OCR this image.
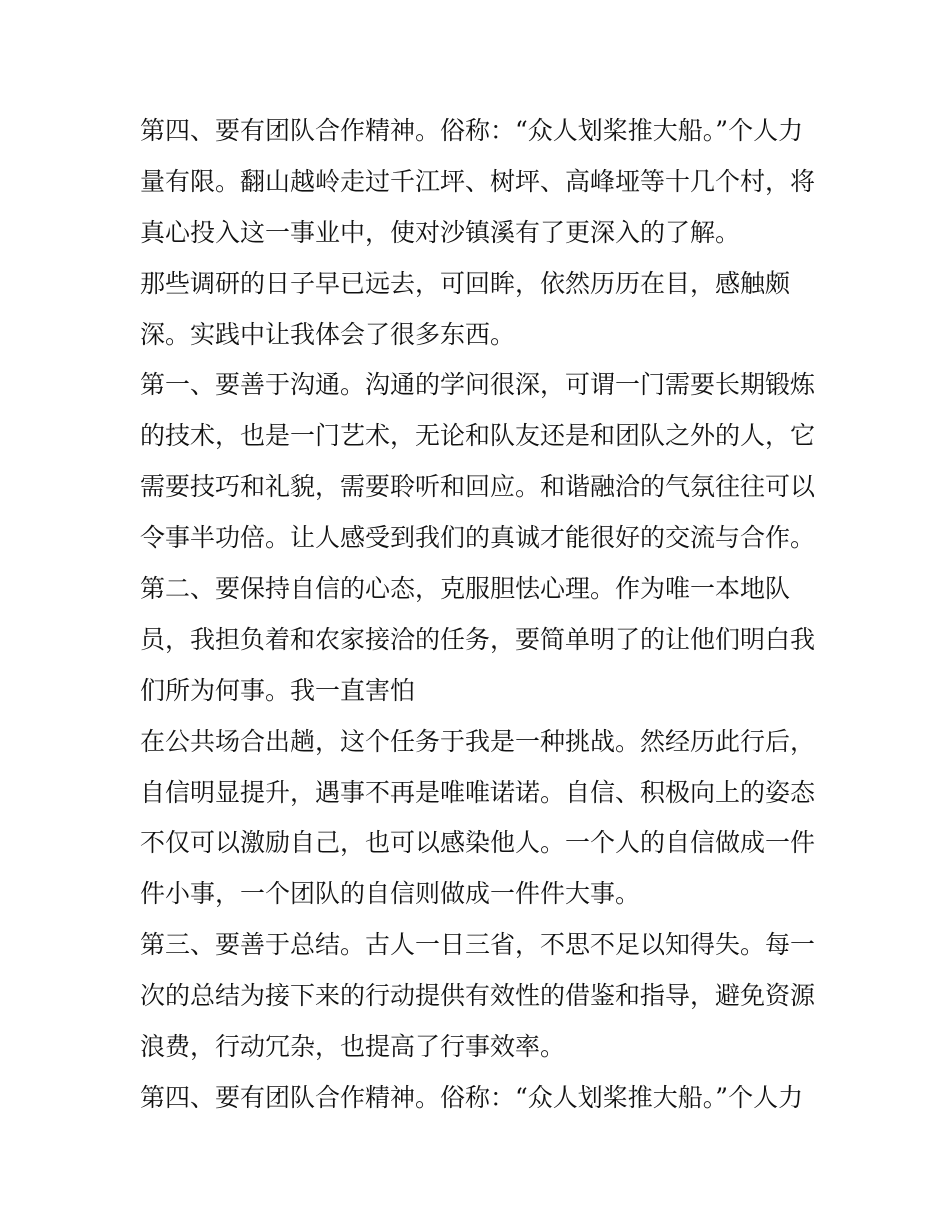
第四、要有团队合作精神。俗称：“众人划桨推大船。”个人力
量有限。翻山越岭走过千江坪、树坪、高峰垭等十几个村，将
真心投入这一事业中，使对沙镇溪有了更深入的了解。
那些调研的日子早已远去，可回眸，依然历历在目，感触颇
深。实践中让我体会了很多东西。
第一、要善于沟通。沟通的学问很深，可谓一门需要长期锻炼
的技术，也是一门艺术，无论和队友还是和团队之外的人，它
需要技巧和礼貌，需要聆听和回应。和谐融洽的气氛往往可以
令事半功倍。让人感受到我们的真诚才能很好的交流与合作。
第二、要保持自信的心态，克服胆怯心理。作为唯一本地队
员，我担负着和农家接洽的任务，要简单明了的让他们明白我
们所为何事。我一直害怕
在公共场合出趟，这个任务于我是一种挑战。然经历此行后，
自信明显提升，遇事不再是唯唯诺诺。自信、积极向上的姿态
不仅可以激励自己，也可以感染他人。一个人的自信做成一件
件小事，一个团队的自信则做成一件件大事。
第三、要善于总结。古人一日三省，不思不足以知得失。每一
次的总结为接下来的行动提供有效性的借鉴和指导，避免资源
浪费，行动冗杂，也提高了行事效率。
第四、要有团队合作精神。俗称：“众人划桨推大船。”个人力
